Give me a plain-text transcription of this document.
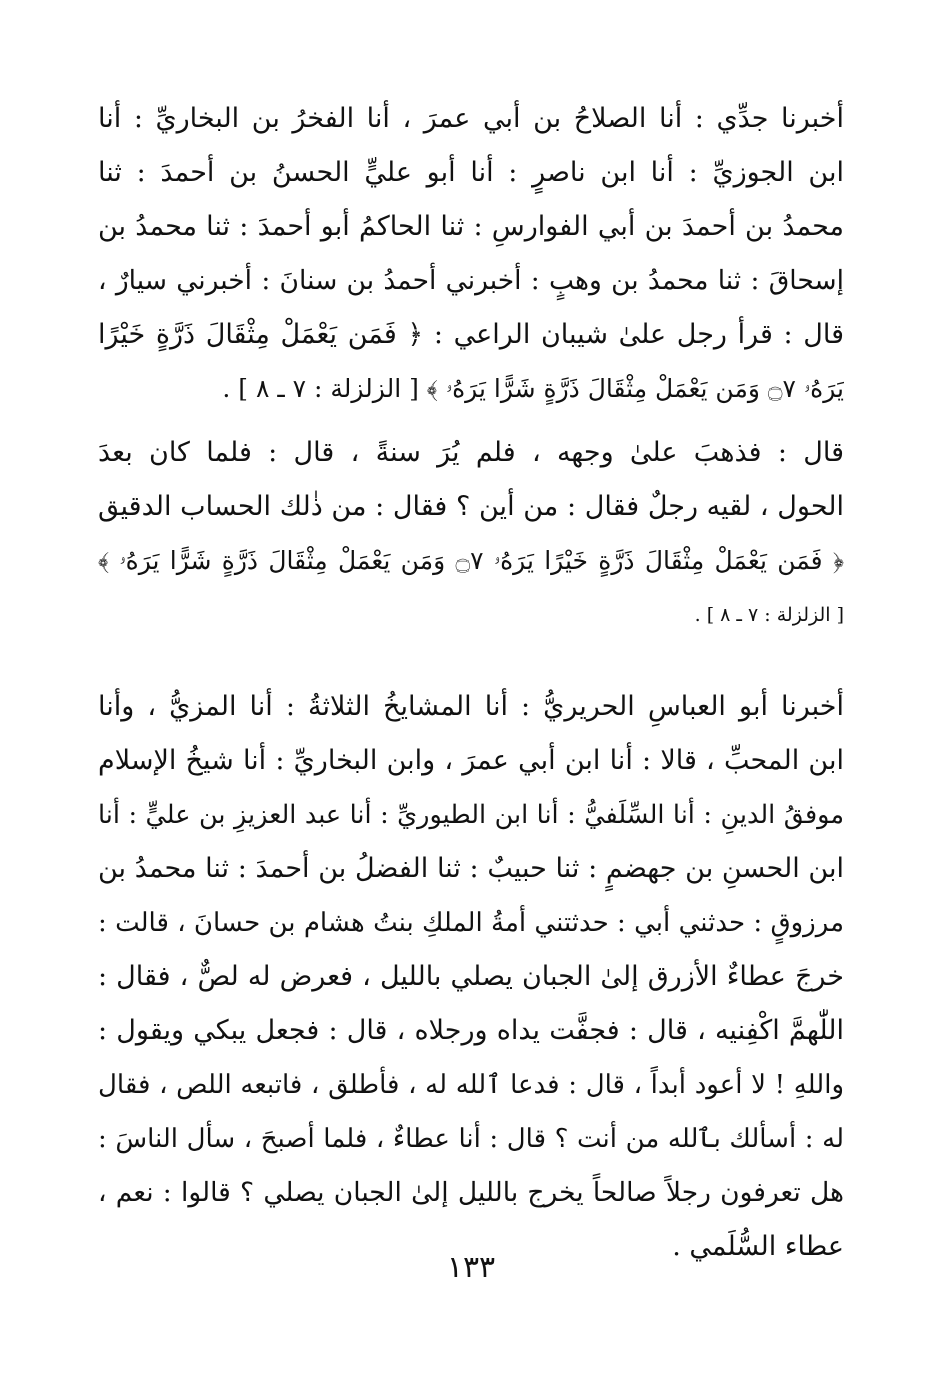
أخبرنا جدِّي : أنا الصلاحُ بن أبي عمرَ ، أنا الفخرُ بن البخاريِّ : أنا
ابن الجوزيِّ : أنا ابن ناصرٍ : أنا أبو عليٍّ الحسنُ بن أحمدَ : ثنا
محمدُ بن أحمدَ بن أبي الفوارسِ : ثنا الحاكمُ أبو أحمدَ : ثنا محمدُ بن
إسحاقَ : ثنا محمدُ بن وهبٍ : أخبرني أحمدُ بن سنانَ : أخبرني سيارٌ ،
قال : قرأ رجل علىٰ شيبان الراعي : ﴿ فَمَن يَعْمَلْ مِثْقَالَ ذَرَّةٍ خَيْرًا
يَرَهُۥ ۝٧ وَمَن يَعْمَلْ مِثْقَالَ ذَرَّةٍ شَرًّا يَرَهُۥ ﴾ [ الزلزلة : ٧ ـ ٨ ] .
قال : فذهبَ علىٰ وجهه ، فلم يُرَ سنةً ، قال : فلما كان بعدَ
الحول ، لقيه رجلٌ فقال : من أين ؟ فقال : من ذٰلك الحساب الدقيق
﴿ فَمَن يَعْمَلْ مِثْقَالَ ذَرَّةٍ خَيْرًا يَرَهُۥ ۝٧ وَمَن يَعْمَلْ مِثْقَالَ ذَرَّةٍ شَرًّا يَرَهُۥ ﴾
[ الزلزلة : ٧ ـ ٨ ] .
أخبرنا أبو العباسِ الحريريُّ : أنا المشايخُ الثلاثةُ : أنا المزيُّ ، وأنا
ابن المحبِّ ، قالا : أنا ابن أبي عمرَ ، وابن البخاريِّ : أنا شيخُ الإسلام
موفقُ الدينِ : أنا السِّلَفيُّ : أنا ابن الطيوريِّ : أنا عبد العزيزِ بن عليٍّ : أنا
ابن الحسنِ بن جهضمٍ : ثنا حبيبٌ : ثنا الفضلُ بن أحمدَ : ثنا محمدُ بن
مرزوقٍ : حدثني أبي : حدثتني أمةُ الملكِ بنتُ هشام بن حسانَ ، قالت :
خرجَ عطاءٌ الأزرق إلىٰ الجبان يصلي بالليل ، فعرض له لصٌّ ، فقال :
اللّٰهمَّ اكْفِنيه ، قال : فجفَّت يداه ورجلاه ، قال : فجعل يبكي ويقول :
واللهِ ! لا أعود أبداً ، قال : فدعا ٱلله له ، فأطلق ، فاتبعه اللص ، فقال
له : أسألك بٱلله من أنت ؟ قال : أنا عطاءٌ ، فلما أصبحَ ، سأل الناسَ :
هل تعرفون رجلاً صالحاً يخرج بالليل إلىٰ الجبان يصلي ؟ قالوا : نعم ،
عطاء السُّلَمي .
١٣٣
